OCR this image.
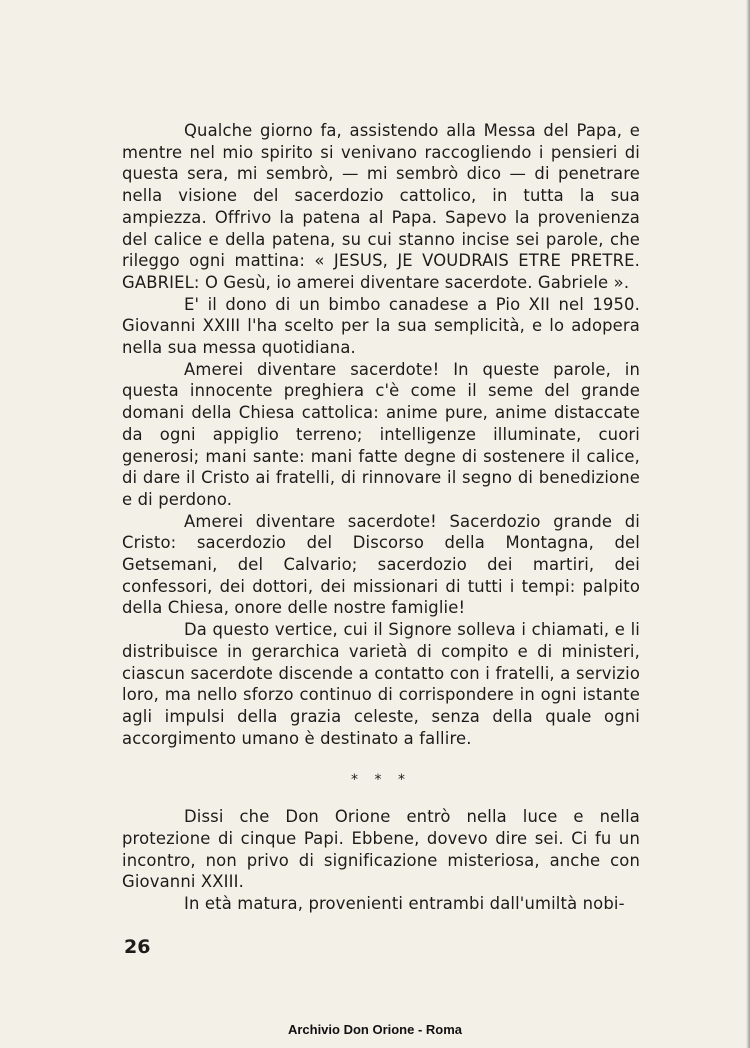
Qualche giorno fa, assistendo alla Messa del Papa, e mentre nel mio spirito si venivano raccogliendo i pensieri di questa sera, mi sembrò, — mi sembrò dico — di penetrare nella visione del sacerdozio cattolico, in tutta la sua ampiezza. Offrivo la patena al Papa. Sapevo la provenienza del calice e della patena, su cui stanno incise sei parole, che rileggo ogni mattina: « JESUS, JE VOUDRAIS ETRE PRETRE. GABRIEL: O Gesù, io amerei diventare sacerdote. Gabriele ».

E' il dono di un bimbo canadese a Pio XII nel 1950. Giovanni XXIII l'ha scelto per la sua semplicità, e lo adopera nella sua messa quotidiana.

Amerei diventare sacerdote! In queste parole, in questa innocente preghiera c'è come il seme del grande domani della Chiesa cattolica: anime pure, anime distaccate da ogni appiglio terreno; intelligenze illuminate, cuori generosi; mani sante: mani fatte degne di sostenere il calice, di dare il Cristo ai fratelli, di rinnovare il segno di benedizione e di perdono.

Amerei diventare sacerdote! Sacerdozio grande di Cristo: sacerdozio del Discorso della Montagna, del Getsemani, del Calvario; sacerdozio dei martiri, dei confessori, dei dottori, dei missionari di tutti i tempi: palpito della Chiesa, onore delle nostre famiglie!

Da questo vertice, cui il Signore solleva i chiamati, e li distribuisce in gerarchica varietà di compito e di ministeri, ciascun sacerdote discende a contatto con i fratelli, a servizio loro, ma nello sforzo continuo di corrispondere in ogni istante agli impulsi della grazia celeste, senza della quale ogni accorgimento umano è destinato a fallire.

* * *

Dissi che Don Orione entrò nella luce e nella protezione di cinque Papi. Ebbene, dovevo dire sei. Ci fu un incontro, non privo di significazione misteriosa, anche con Giovanni XXIII.

In età matura, provenienti entrambi dall'umiltà nobi-

26
Archivio Don Orione - Roma
